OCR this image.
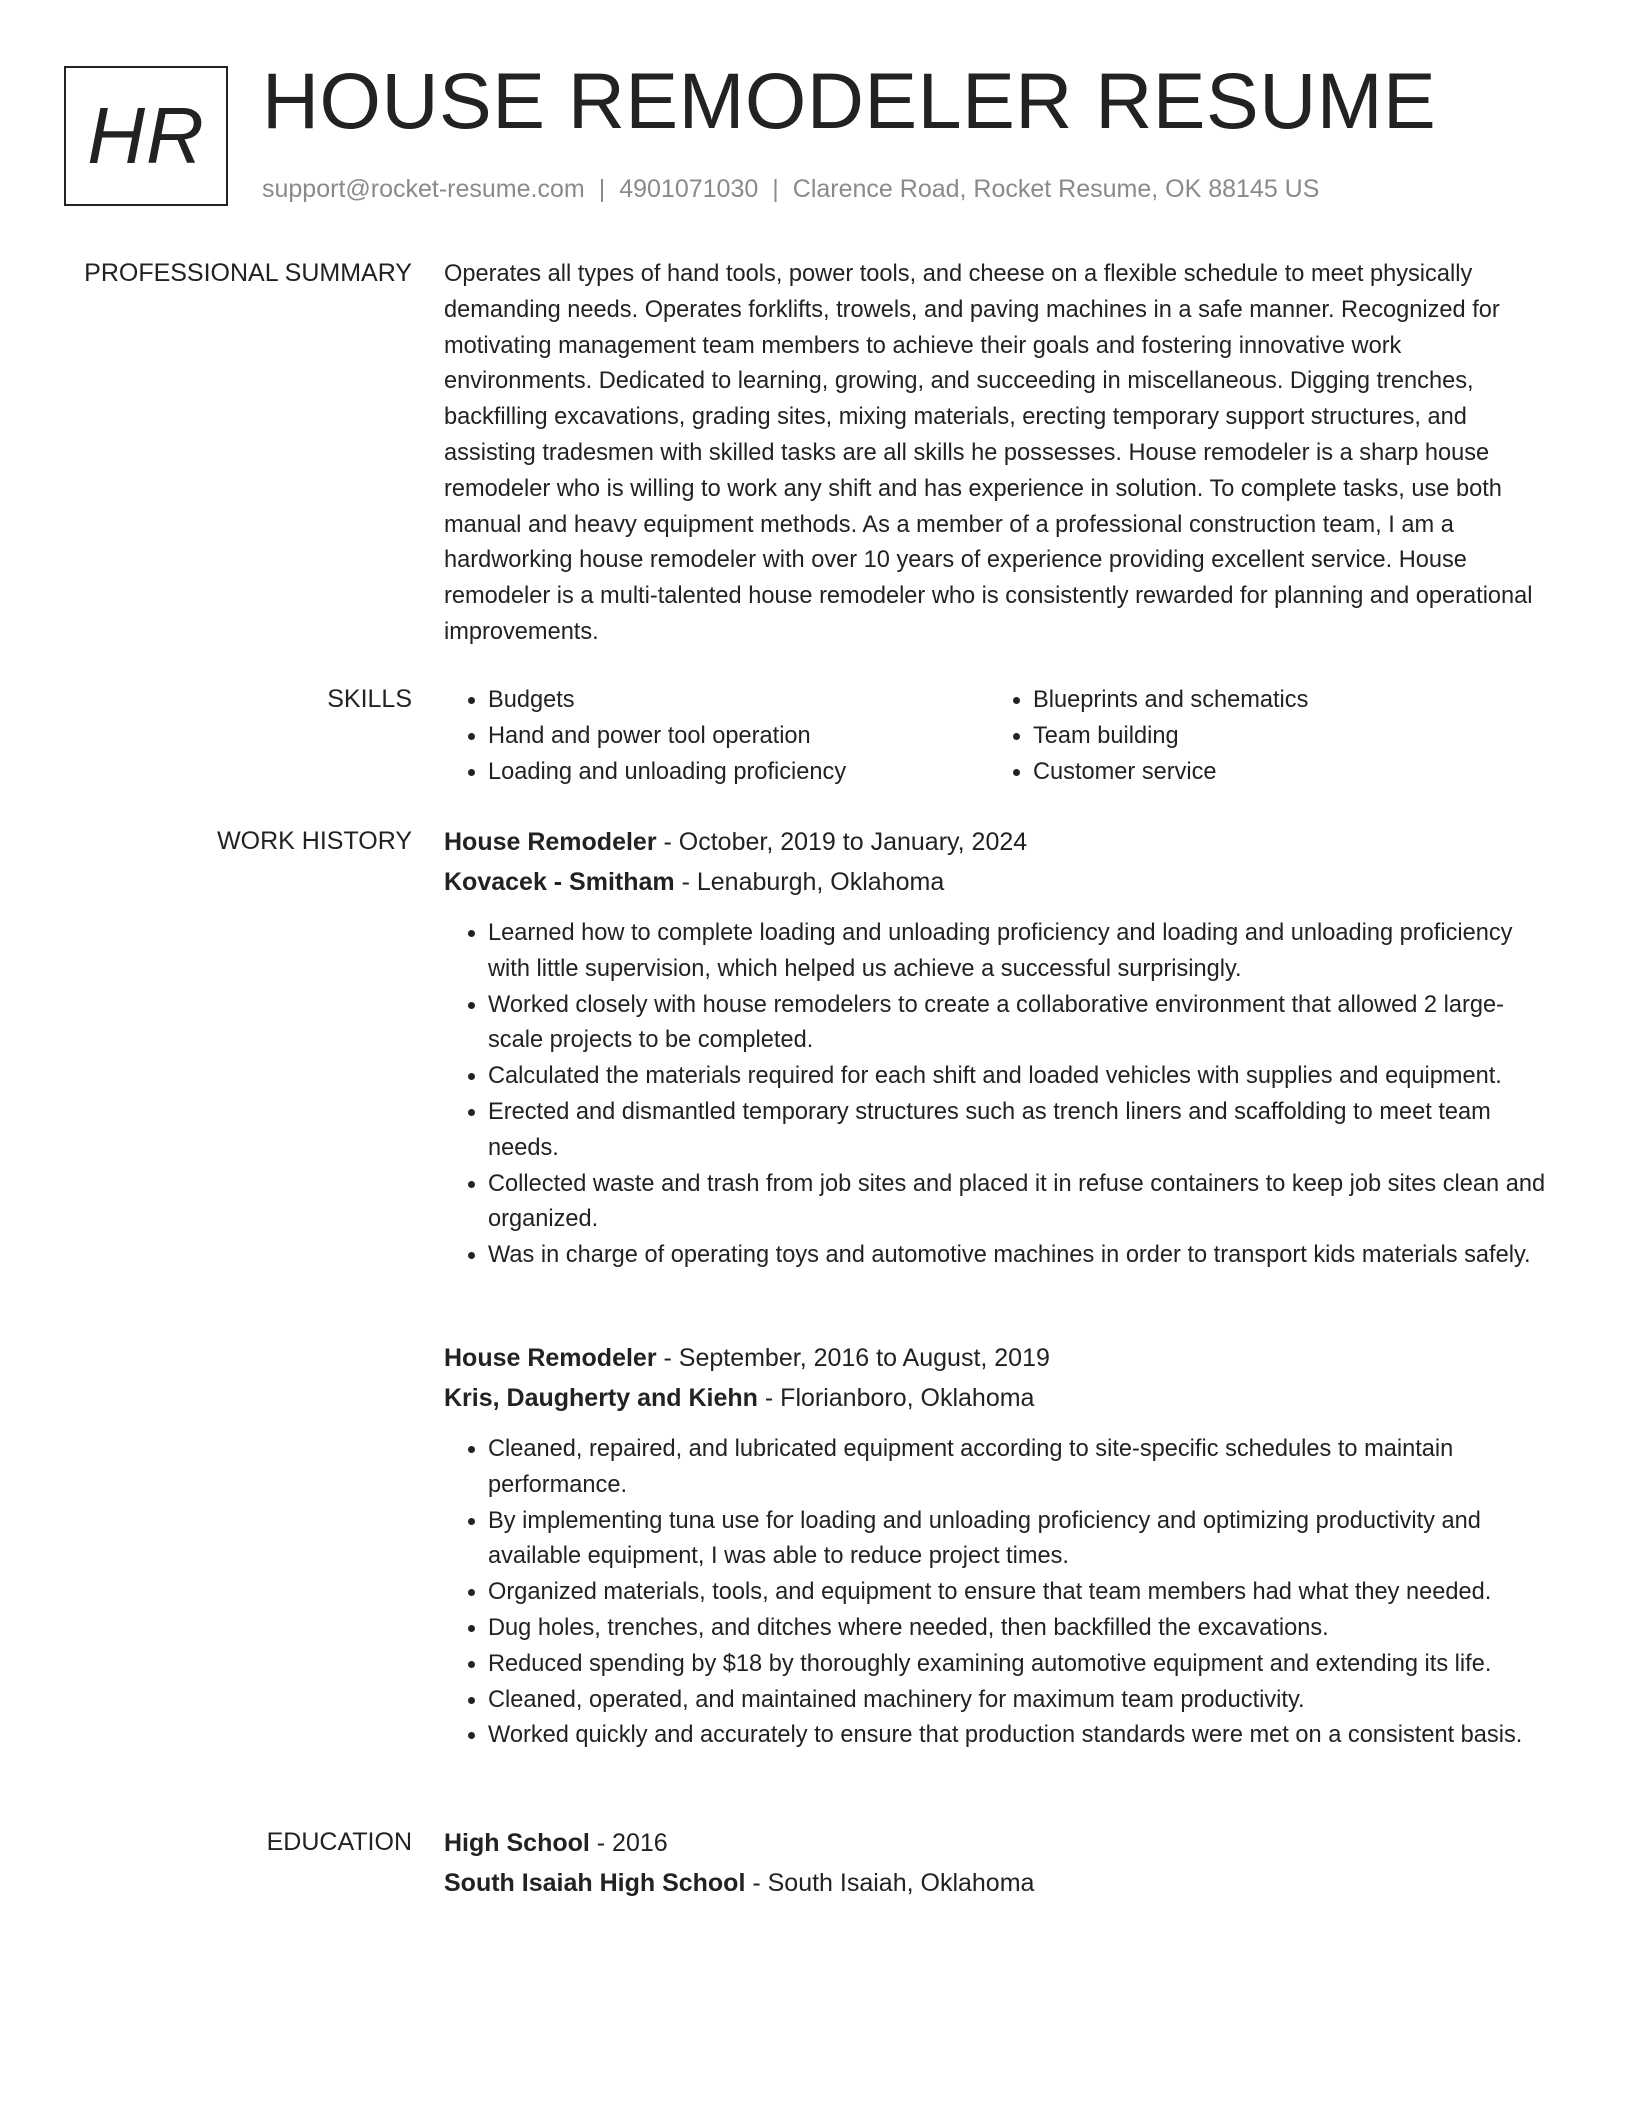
HR HOUSE REMODELER RESUME
support@rocket-resume.com | 4901071030 | Clarence Road, Rocket Resume, OK 88145 US
PROFESSIONAL SUMMARY Operates all types of hand tools, power tools, and cheese on a flexible schedule to meet physically demanding needs. Operates forklifts, trowels, and paving machines in a safe manner. Recognized for motivating management team members to achieve their goals and fostering innovative work environments. Dedicated to learning, growing, and succeeding in miscellaneous. Digging trenches, backfilling excavations, grading sites, mixing materials, erecting temporary support structures, and assisting tradesmen with skilled tasks are all skills he possesses. House remodeler is a sharp house remodeler who is willing to work any shift and has experience in solution. To complete tasks, use both manual and heavy equipment methods. As a member of a professional construction team, I am a hardworking house remodeler with over 10 years of experience providing excellent service. House remodeler is a multi-talented house remodeler who is consistently rewarded for planning and operational improvements.

SKILLS
•	Budgets
• Hand and power tool operation
• Loading and unloading proficiency
• Blueprints and schematics
• Team building
• Customer service
WORK HISTORY House Remodeler - October, 2019 to January, 2024

Kovacek - Smitham - Lenaburgh, Oklahoma

• Learned how to complete loading and unloading proficiency and loading and unloading proficiency with little supervision, which helped us achieve a successful surprisingly.
• Worked closely with house remodelers to create a collaborative environment that allowed 2 large-scale projects to be completed.
• Calculated the materials required for each shift and loaded vehicles with supplies and equipment.
• Erected and dismantled temporary structures such as trench liners and scaffolding to meet team needs.
• Collected waste and trash from job sites and placed it in refuse containers to keep job sites clean and organized.
• Was in charge of operating toys and automotive machines in order to transport kids materials safely.

House Remodeler - September, 2016 to August, 2019

Kris, Daugherty and Kiehn - Florianboro, Oklahoma

• Cleaned, repaired, and lubricated equipment according to site-specific schedules to maintain performance.
• By implementing tuna use for loading and unloading proficiency and optimizing productivity and available equipment, I was able to reduce project times.
• Organized materials, tools, and equipment to ensure that team members had what they needed.
• Dug holes, trenches, and ditches where needed, then backfilled the excavations.
• Reduced spending by $18 by thoroughly examining automotive equipment and extending its life.
• Cleaned, operated, and maintained machinery for maximum team productivity.
• Worked quickly and accurately to ensure that production standards were met on a consistent basis.
EDUCATION High School - 2016

South Isaiah High School - South Isaiah, Oklahoma
